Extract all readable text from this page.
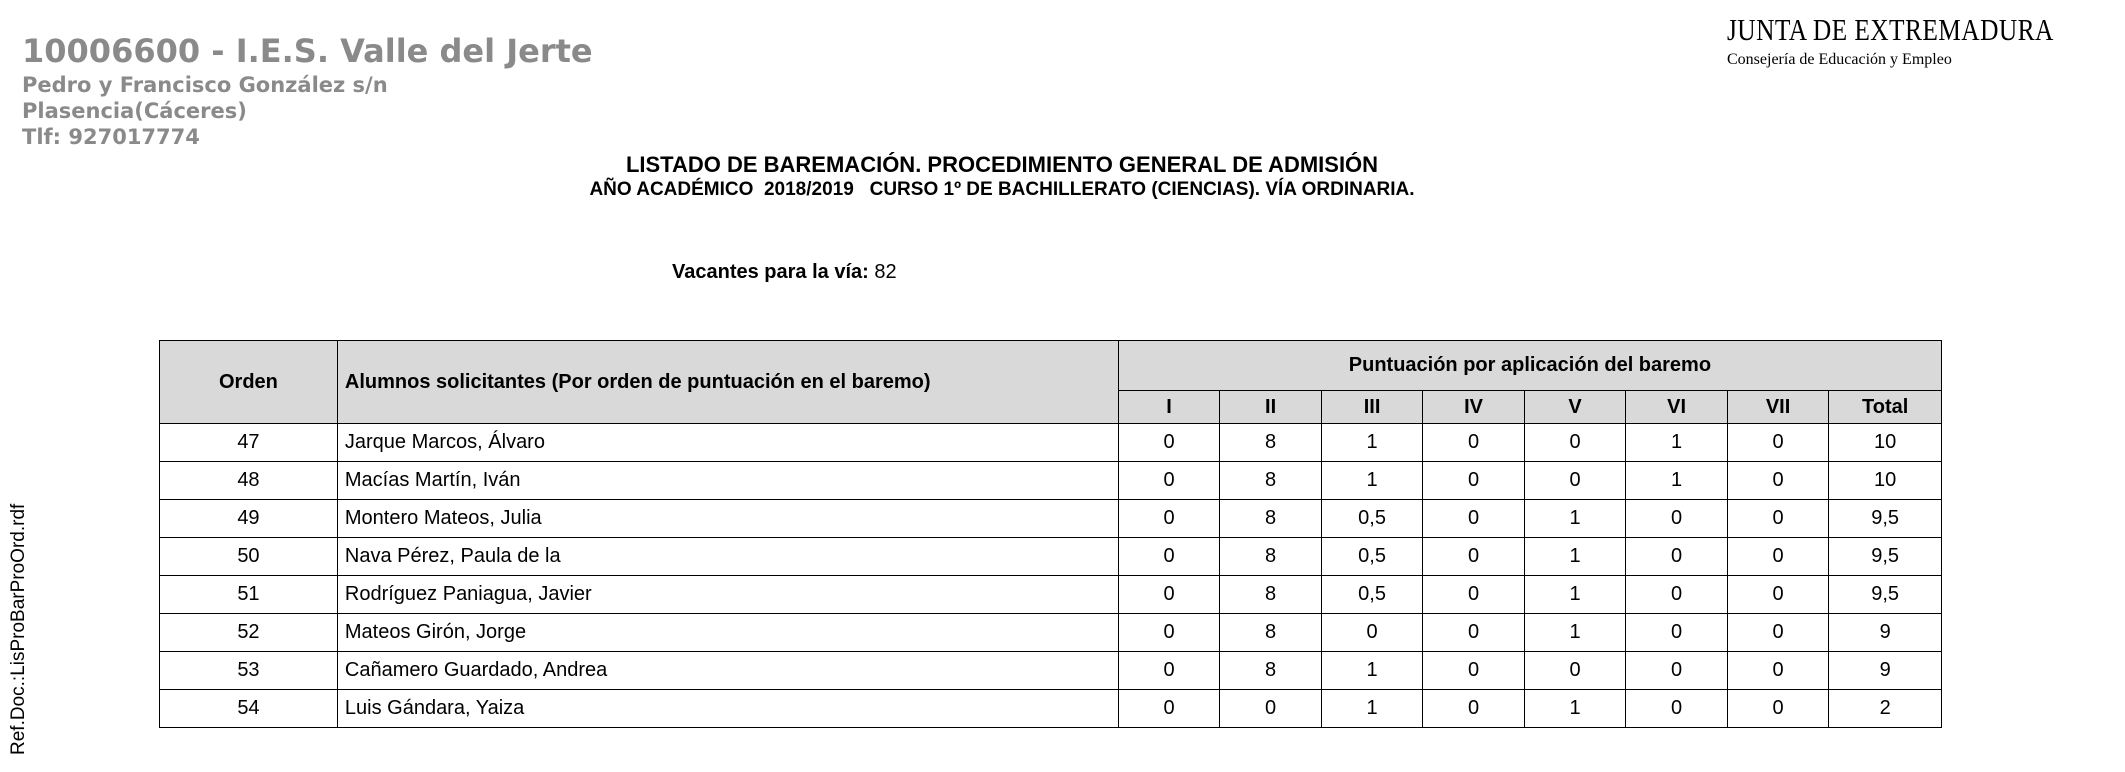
10006600 - I.E.S. Valle del Jerte
Pedro y Francisco González s/n
Plasencia(Cáceres)
Tlf: 927017774
JUNTA DE EXTREMADURA
Consejería de Educación y Empleo
LISTADO DE BAREMACIÓN. PROCEDIMIENTO GENERAL DE ADMISIÓN
AÑO ACADÉMICO  2018/2019   CURSO 1º DE BACHILLERATO (CIENCIAS). VÍA ORDINARIA.
Vacantes para la vía: 82
Ref.Doc.:LisProBarProOrd.rdf
Orden	Alumnos solicitantes (Por orden de puntuación en el baremo)	Puntuación por aplicación del baremo							
		I	II	III	IV	V	VI	VII	Total
47	Jarque Marcos, Álvaro	0	8	1	0	0	1	0	10
48	Macías Martín, Iván	0	8	1	0	0	1	0	10
49	Montero Mateos, Julia	0	8	0,5	0	1	0	0	9,5
50	Nava Pérez, Paula de la	0	8	0,5	0	1	0	0	9,5
51	Rodríguez Paniagua, Javier	0	8	0,5	0	1	0	0	9,5
52	Mateos Girón, Jorge	0	8	0	0	1	0	0	9
53	Cañamero Guardado, Andrea	0	8	1	0	0	0	0	9
54	Luis Gándara, Yaiza	0	0	1	0	1	0	0	2
